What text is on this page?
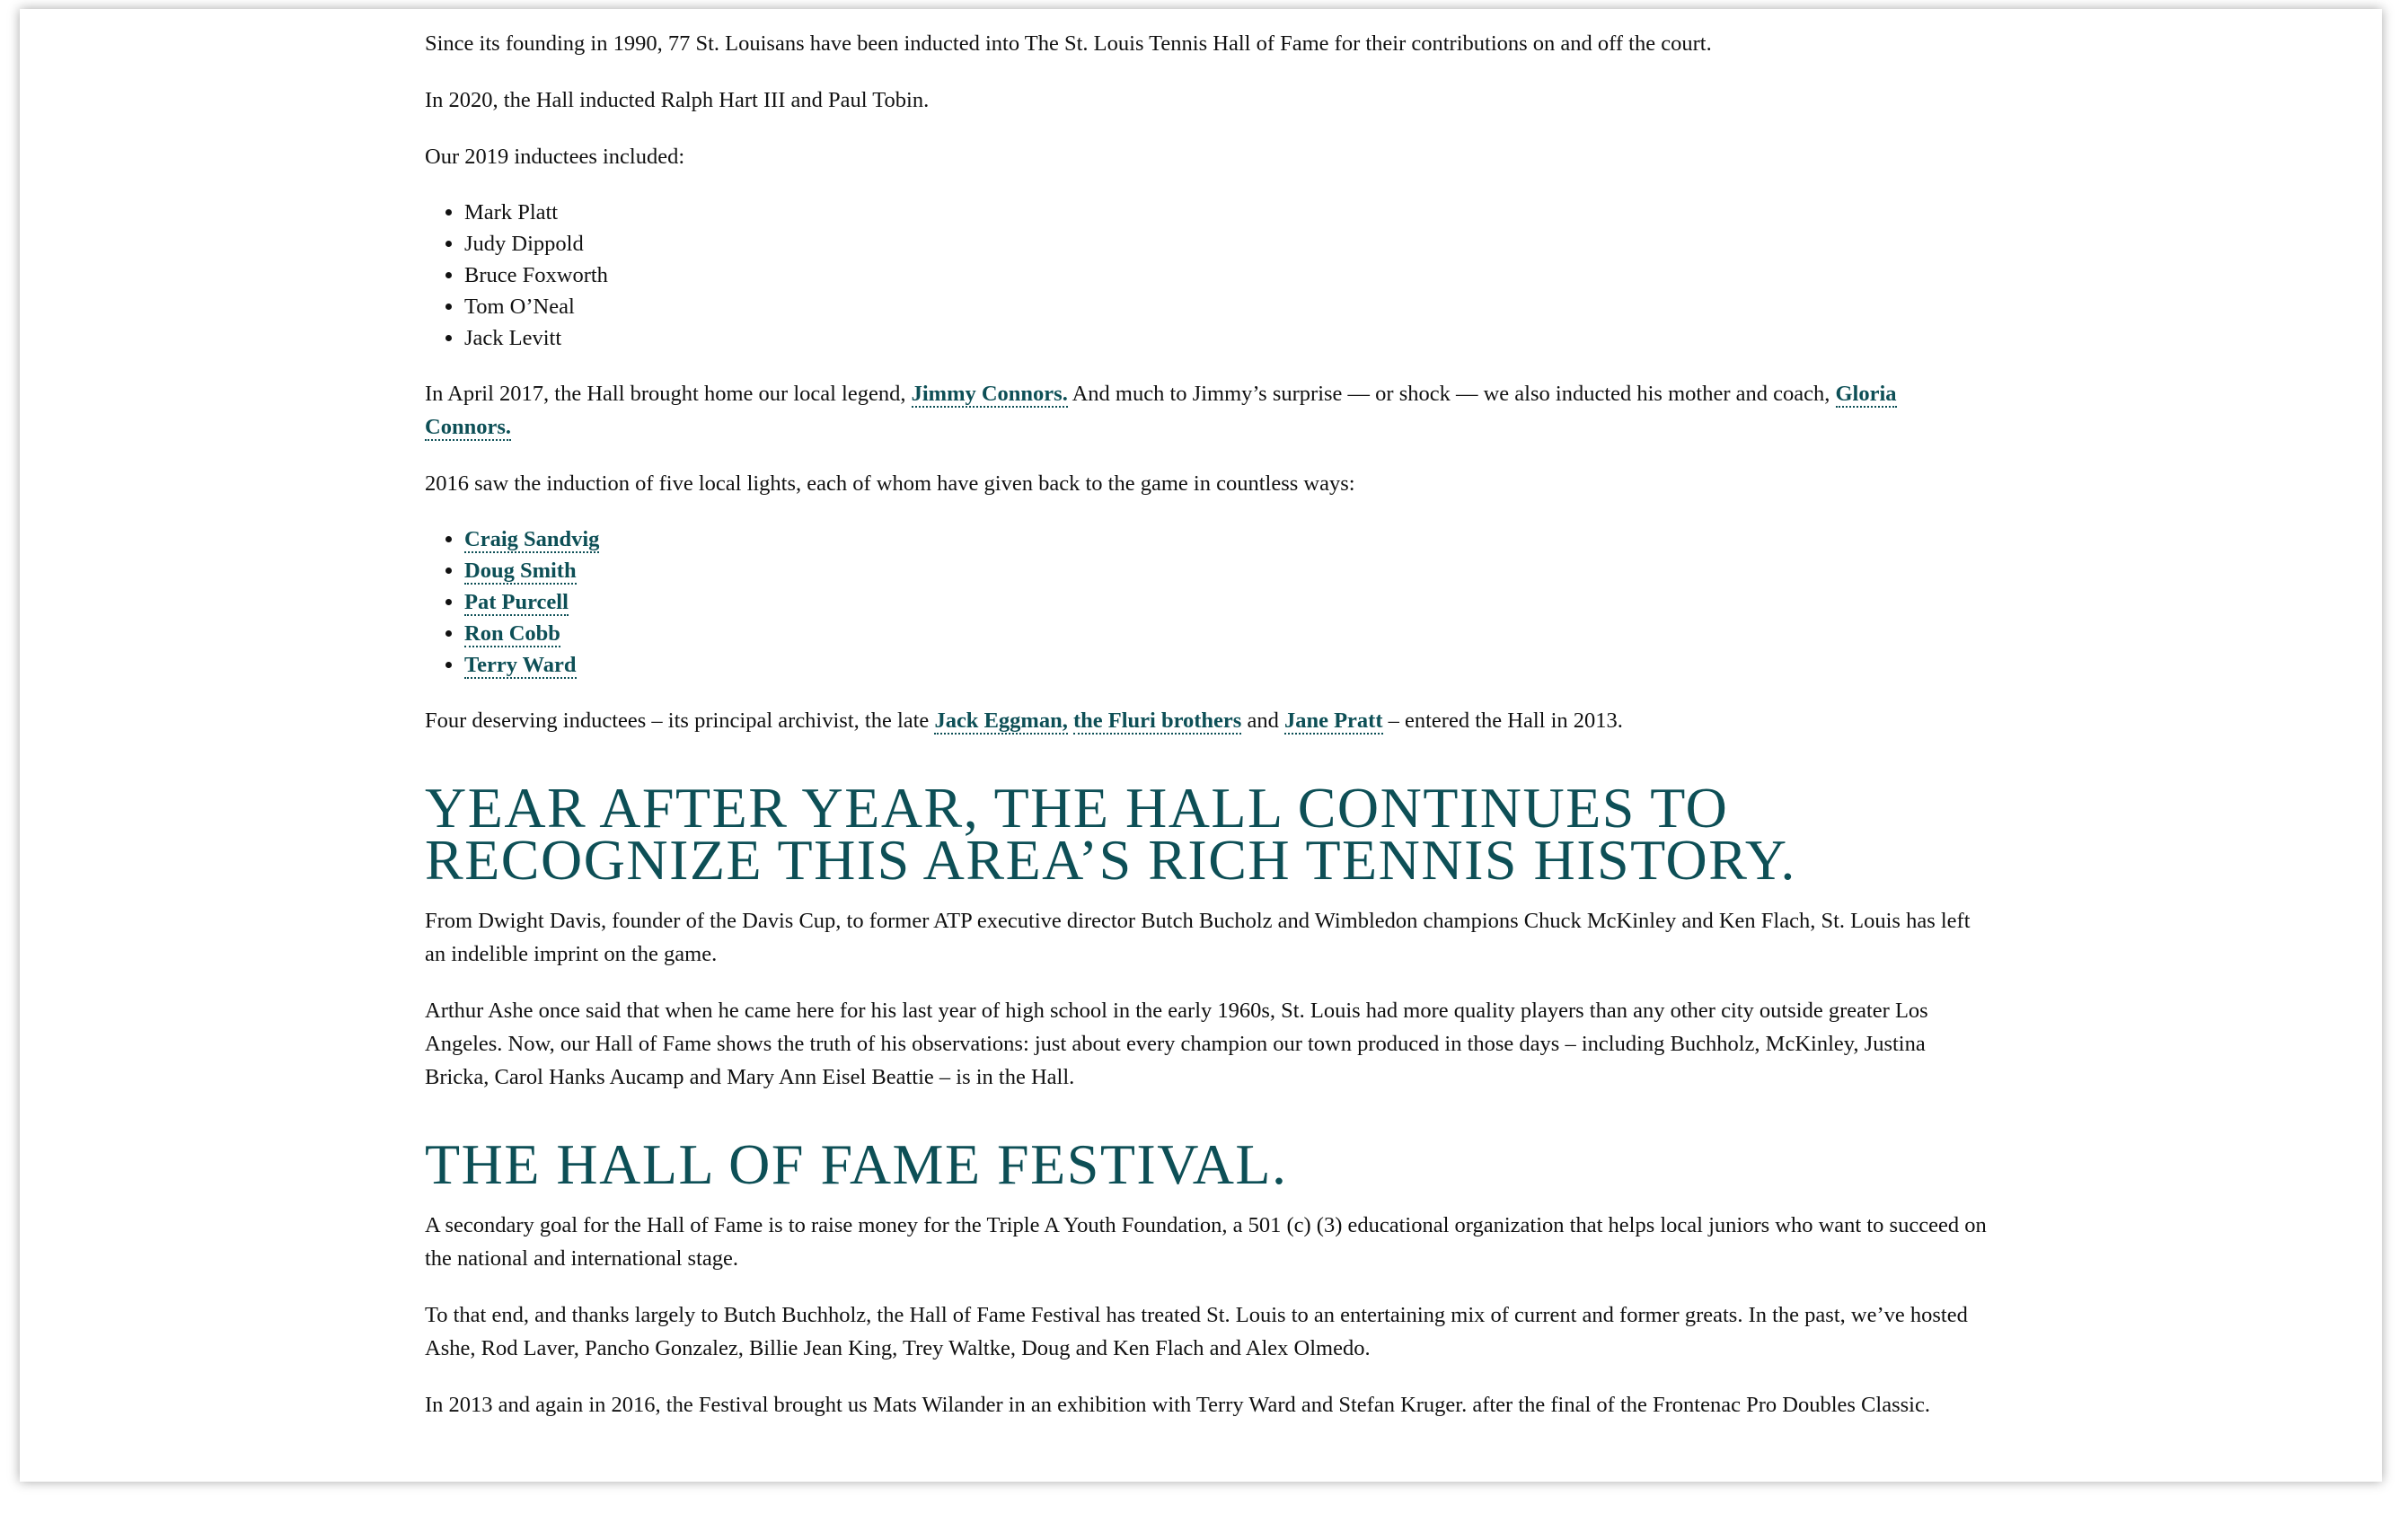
Since its founding in 1990, 77 St. Louisans have been inducted into The St. Louis Tennis Hall of Fame for their contributions on and off the court.

In 2020, the Hall inducted Ralph Hart III and Paul Tobin.

Our 2019 inductees included:

• Mark Platt
• Judy Dippold
• Bruce Foxworth
• Tom O’Neal
• Jack Levitt

In April 2017, the Hall brought home our local legend, Jimmy Connors. And much to Jimmy’s surprise — or shock — we also inducted his mother and coach, Gloria Connors.

2016 saw the induction of five local lights, each of whom have given back to the game in countless ways:

• Craig Sandvig
• Doug Smith
• Pat Purcell
• Ron Cobb
• Terry Ward

Four deserving inductees – its principal archivist, the late Jack Eggman, the Fluri brothers and Jane Pratt – entered the Hall in 2013.

YEAR AFTER YEAR, THE HALL CONTINUES TO RECOGNIZE THIS AREA’S RICH TENNIS HISTORY.

From Dwight Davis, founder of the Davis Cup, to former ATP executive director Butch Bucholz and Wimbledon champions Chuck McKinley and Ken Flach, St. Louis has left an indelible imprint on the game.

Arthur Ashe once said that when he came here for his last year of high school in the early 1960s, St. Louis had more quality players than any other city outside greater Los Angeles. Now, our Hall of Fame shows the truth of his observations: just about every champion our town produced in those days – including Buchholz, McKinley, Justina Bricka, Carol Hanks Aucamp and Mary Ann Eisel Beattie – is in the Hall.

THE HALL OF FAME FESTIVAL.

A secondary goal for the Hall of Fame is to raise money for the Triple A Youth Foundation, a 501 (c) (3) educational organization that helps local juniors who want to succeed on the national and international stage.

To that end, and thanks largely to Butch Buchholz, the Hall of Fame Festival has treated St. Louis to an entertaining mix of current and former greats. In the past, we’ve hosted Ashe, Rod Laver, Pancho Gonzalez, Billie Jean King, Trey Waltke, Doug and Ken Flach and Alex Olmedo.

In 2013 and again in 2016, the Festival brought us Mats Wilander in an exhibition with Terry Ward and Stefan Kruger. after the final of the Frontenac Pro Doubles Classic.
